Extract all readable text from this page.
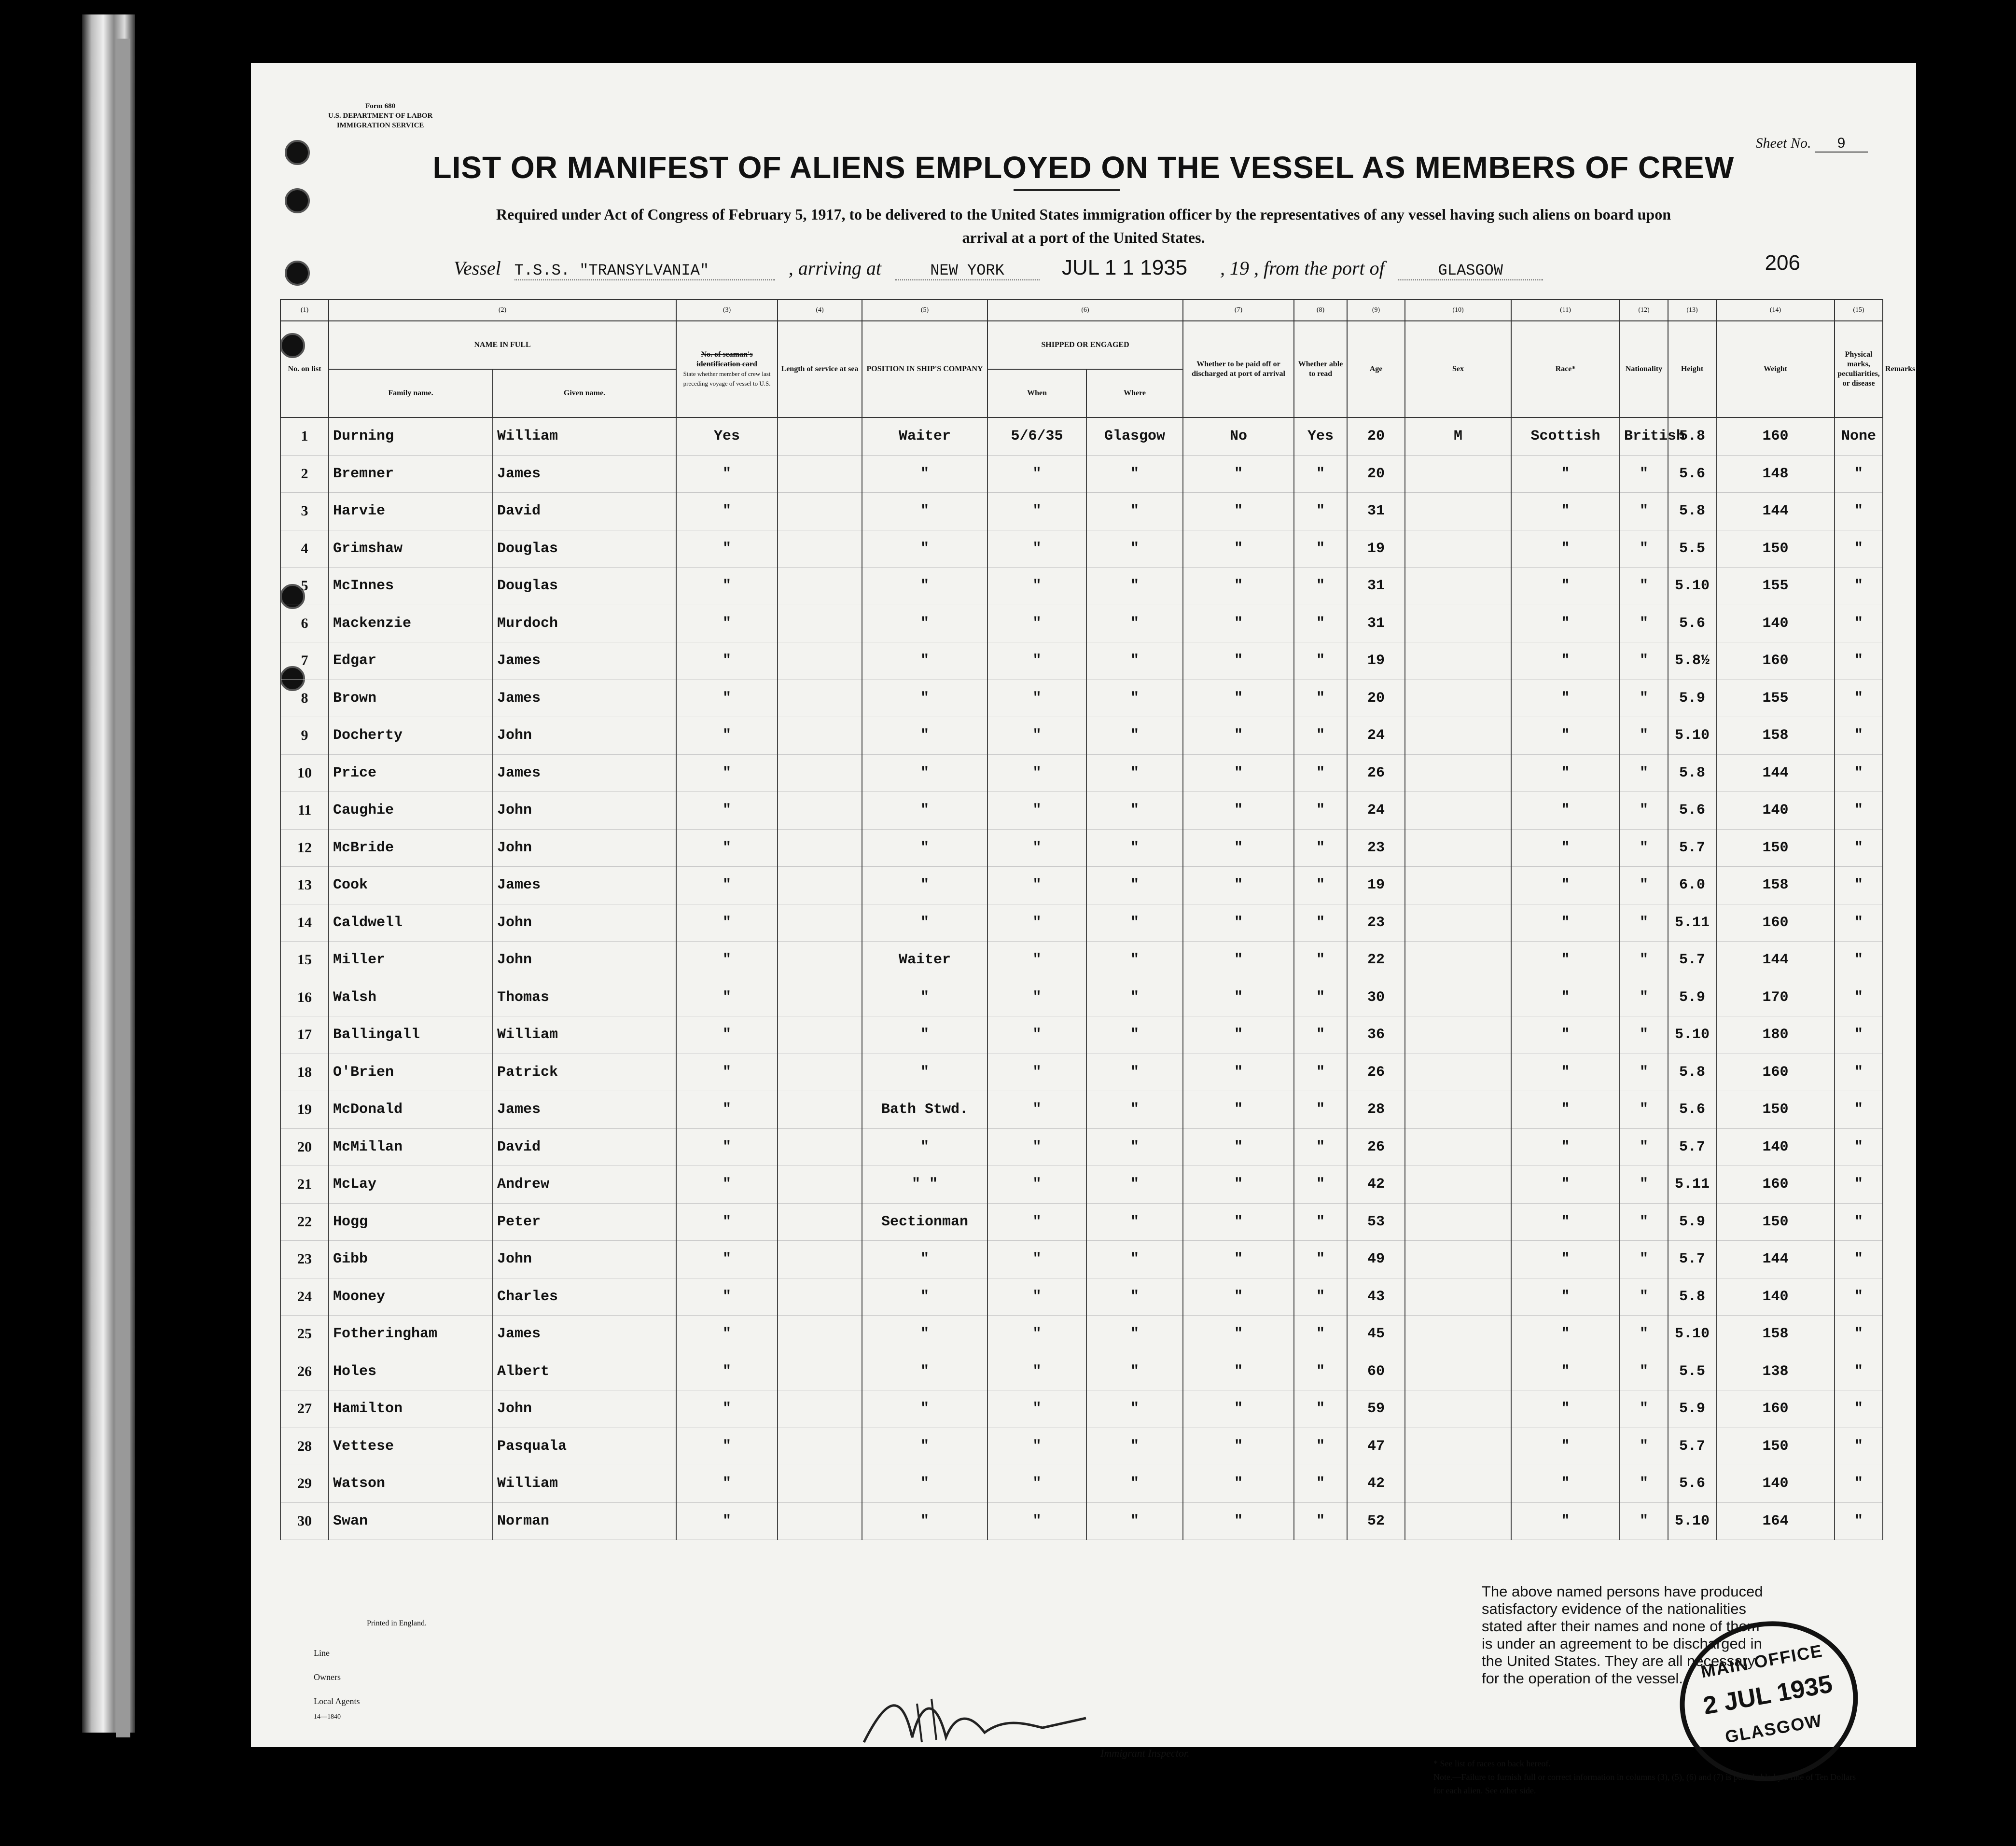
Form 680
U.S. DEPARTMENT OF LABOR
IMMIGRATION SERVICE
Sheet No. 9
LIST OR MANIFEST OF ALIENS EMPLOYED ON THE VESSEL AS MEMBERS OF CREW
Required under Act of Congress of February 5, 1917, to be delivered to the United States immigration officer by the representatives of any vessel having such aliens on board upon arrival at a port of the United States.
Vessel T.S.S. "TRANSYLVANIA"	, arriving at	NEW YORK	JUL 1 1 1935 , 19 , from the port of	GLASGOW	206
(1)	(2)		(3)	(4)	(5)	(6)		(7)	(8)	(9)	(10)	(11)	(12)	(13)	(14)	(15)	
No. on list	NAME IN FULL		No. of seaman's identification card
State whether member of crew last preceding voyage of vessel to U.S.	Length of service at sea	POSITION IN SHIP'S COMPANY	SHIPPED OR ENGAGED		Whether to be paid off or discharged at port of arrival	Whether able to read	Age	Sex	Race*	Nationality	Height	Weight	Physical marks, peculiarities, or disease	Remarks
	Family name.	Given name.				When	Where										
1	Durning	William	Yes		Waiter	5/6/35	Glasgow	No	Yes	20	M	Scottish	British	5.8	160	None	
2	Bremner	James	"		"	"	"	"	"	20		"	"	5.6	148	"	
3	Harvie	David	"		"	"	"	"	"	31		"	"	5.8	144	"	
4	Grimshaw	Douglas	"		"	"	"	"	"	19		"	"	5.5	150	"	
5	McInnes	Douglas	"		"	"	"	"	"	31		"	"	5.10	155	"	
6	Mackenzie	Murdoch	"		"	"	"	"	"	31		"	"	5.6	140	"	
7	Edgar	James	"		"	"	"	"	"	19		"	"	5.8½	160	"	
8	Brown	James	"		"	"	"	"	"	20		"	"	5.9	155	"	
9	Docherty	John	"		"	"	"	"	"	24		"	"	5.10	158	"	
10	Price	James	"		"	"	"	"	"	26		"	"	5.8	144	"	
11	Caughie	John	"		"	"	"	"	"	24		"	"	5.6	140	"	
12	McBride	John	"		"	"	"	"	"	23		"	"	5.7	150	"	
13	Cook	James	"		"	"	"	"	"	19		"	"	6.0	158	"	
14	Caldwell	John	"		"	"	"	"	"	23		"	"	5.11	160	"	
15	Miller	John	"		Waiter	"	"	"	"	22		"	"	5.7	144	"	
16	Walsh	Thomas	"		"	"	"	"	"	30		"	"	5.9	170	"	
17	Ballingall	William	"		"	"	"	"	"	36		"	"	5.10	180	"	
18	O'Brien	Patrick	"		"	"	"	"	"	26		"	"	5.8	160	"	
19	McDonald	James	"		Bath Stwd.	"	"	"	"	28		"	"	5.6	150	"	
20	McMillan	David	"		"	"	"	"	"	26		"	"	5.7	140	"	
21	McLay	Andrew	"		" "	"	"	"	"	42		"	"	5.11	160	"	
22	Hogg	Peter	"		Sectionman	"	"	"	"	53		"	"	5.9	150	"	
23	Gibb	John	"		"	"	"	"	"	49		"	"	5.7	144	"	
24	Mooney	Charles	"		"	"	"	"	"	43		"	"	5.8	140	"	
25	Fotheringham	James	"		"	"	"	"	"	45		"	"	5.10	158	"	
26	Holes	Albert	"		"	"	"	"	"	60		"	"	5.5	138	"	
27	Hamilton	John	"		"	"	"	"	"	59		"	"	5.9	160	"	
28	Vettese	Pasquala	"		"	"	"	"	"	47		"	"	5.7	150	"	
29	Watson	William	"		"	"	"	"	"	42		"	"	5.6	140	"	
30	Swan	Norman	"		"	"	"	"	"	52		"	"	5.10	164	"	
Printed in England.
Line
Owners
Local Agents
14—1840
Immigrant Inspector.
The above named persons have produced satisfactory evidence of the nationalities stated after their names and none of them is under an agreement to be discharged in the United States. They are all necessary for the operation of the vessel. MAIN OFFICE
2 JUL 1935
GLASGOW
* See list of races on back hereof.
Note.—Failure to furnish full or correct information in columns (3), (5), (6) and (7) is punishable by a fine of Ten Dollars for each alien. See other side.
